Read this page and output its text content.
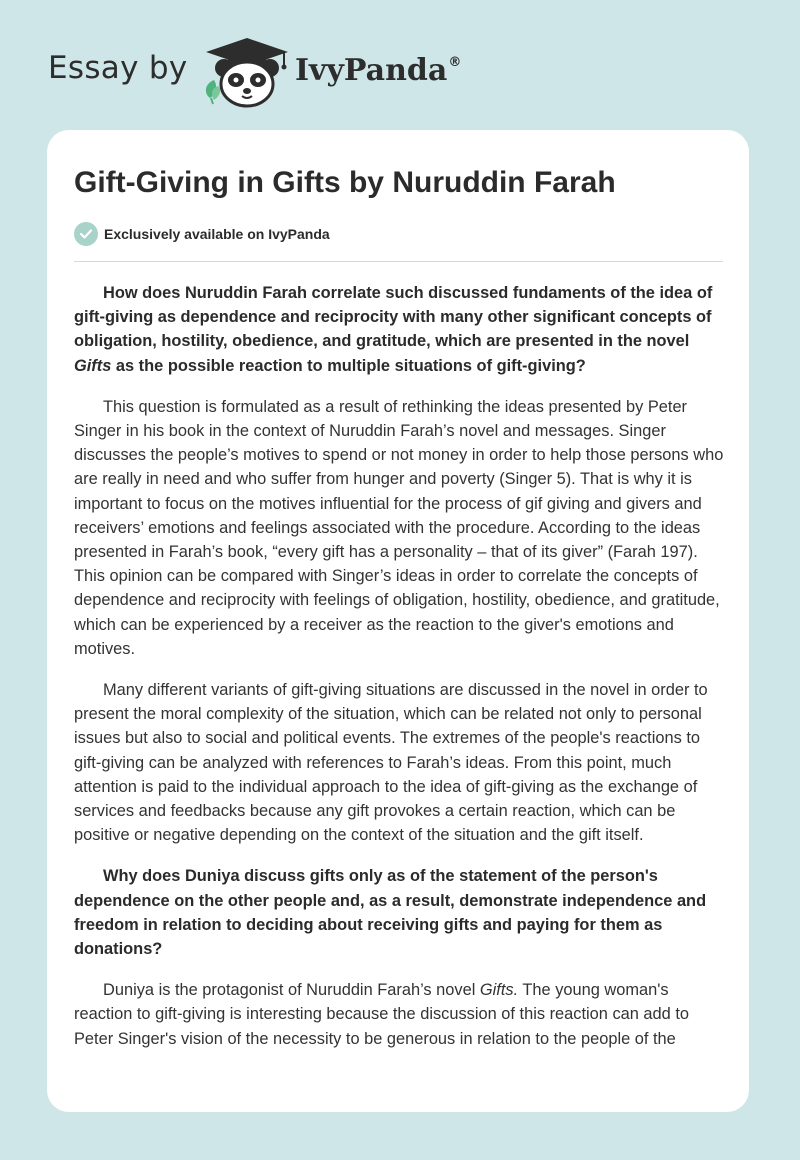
Essay by	IvyPanda®
Gift-Giving in Gifts by Nuruddin Farah
Exclusively available on IvyPanda

How does Nuruddin Farah correlate such discussed fundaments of the idea of gift-giving as dependence and reciprocity with many other significant concepts of obligation, hostility, obedience, and gratitude, which are presented in the novel Gifts as the possible reaction to multiple situations of gift-giving?

This question is formulated as a result of rethinking the ideas presented by Peter Singer in his book in the context of Nuruddin Farah’s novel and messages. Singer discusses the people’s motives to spend or not money in order to help those persons who are really in need and who suffer from hunger and poverty (Singer 5). That is why it is important to focus on the motives influential for the process of gif giving and givers and receivers’ emotions and feelings associated with the procedure. According to the ideas presented in Farah’s book, “every gift has a personality – that of its giver” (Farah 197). This opinion can be compared with Singer’s ideas in order to correlate the concepts of dependence and reciprocity with feelings of obligation, hostility, obedience, and gratitude, which can be experienced by a receiver as the reaction to the giver's emotions and motives.

Many different variants of gift-giving situations are discussed in the novel in order to present the moral complexity of the situation, which can be related not only to personal issues but also to social and political events. The extremes of the people's reactions to gift-giving can be analyzed with references to Farah’s ideas. From this point, much attention is paid to the individual approach to the idea of gift-giving as the exchange of services and feedbacks because any gift provokes a certain reaction, which can be positive or negative depending on the context of the situation and the gift itself.

Why does Duniya discuss gifts only as of the statement of the person's dependence on the other people and, as a result, demonstrate independence and freedom in relation to deciding about receiving gifts and paying for them as donations?

Duniya is the protagonist of Nuruddin Farah’s novel Gifts. The young woman's reaction to gift-giving is interesting because the discussion of this reaction can add to Peter Singer's vision of the necessity to be generous in relation to the people of the
